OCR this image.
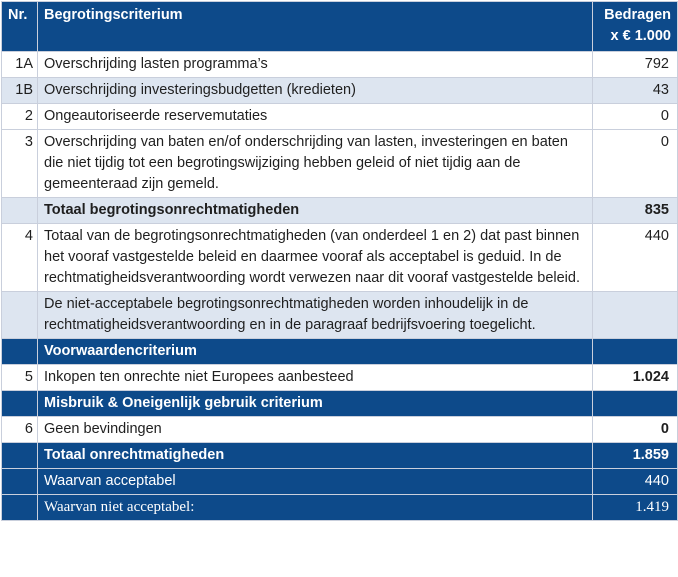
Nr.	Begrotingscriterium	Bedragen
x € 1.000
1A	Overschrijding lasten programma’s	792
1B	Overschrijding investeringsbudgetten (kredieten)	43
2	Ongeautoriseerde reservemutaties	0
3	Overschrijding van baten en/of onderschrijding van lasten, investeringen en baten die niet tijdig tot een begrotingswijziging hebben geleid of niet tijdig aan de gemeenteraad zijn gemeld.	0
	Totaal begrotingsonrechtmatigheden	835
4	Totaal van de begrotingsonrechtmatigheden (van onderdeel 1 en 2) dat past binnen het vooraf vastgestelde beleid en daarmee vooraf als acceptabel is geduid. In de rechtmatigheidsverantwoording wordt verwezen naar dit vooraf vastgestelde beleid.	440
	De niet-acceptabele begrotingsonrechtmatigheden worden inhoudelijk in de rechtmatigheidsverantwoording en in de paragraaf bedrijfsvoering toegelicht.	
	Voorwaardencriterium	
5	Inkopen ten onrechte niet Europees aanbesteed	1.024
	Misbruik & Oneigenlijk gebruik criterium	
6	Geen bevindingen	0
	Totaal onrechtmatigheden	1.859
	Waarvan acceptabel	440
	Waarvan niet acceptabel:	1.419
